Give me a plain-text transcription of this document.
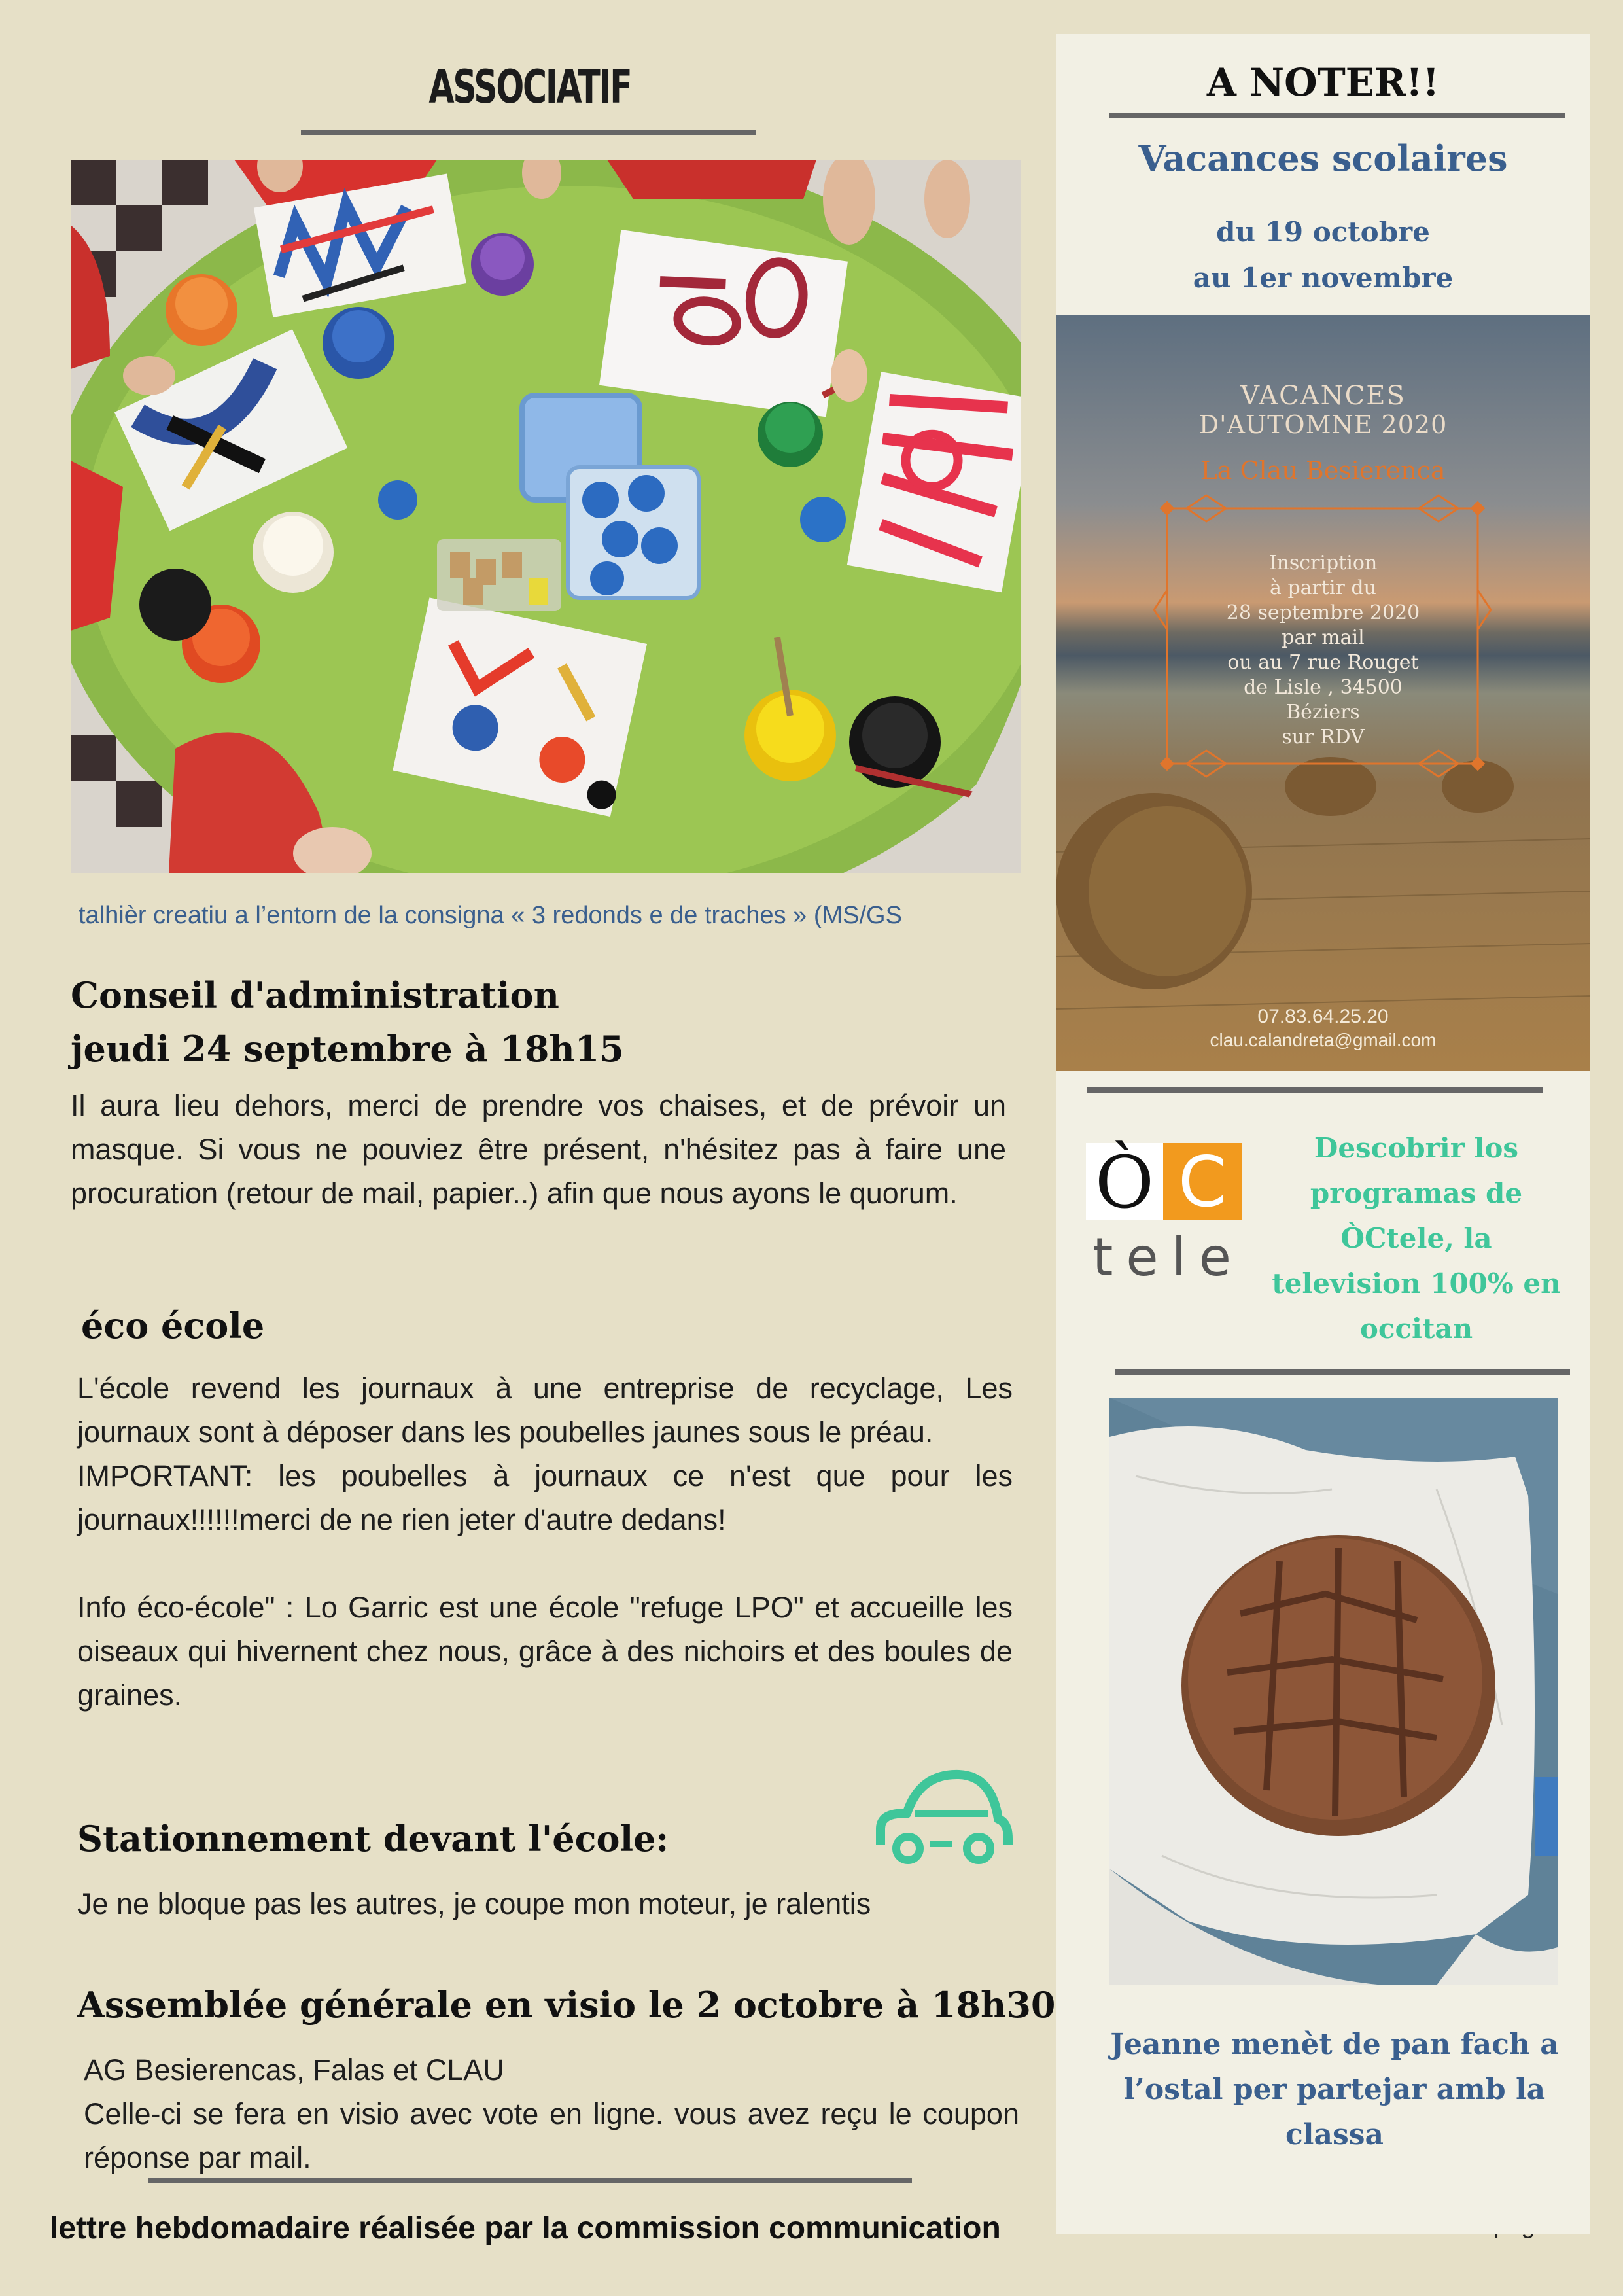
ASSOCIATIF
talhièr creatiu a l’entorn de la consigna « 3 redonds e de traches » (MS/GS
Conseil d'administration
jeudi 24 septembre à 18h15
Il aura lieu dehors, merci de prendre vos chaises, et de prévoir un masque. Si vous ne pouviez être présent, n'hésitez pas à faire une procuration (retour de mail, papier..) afin que nous ayons le quorum.
éco école

L'école revend les journaux à une entreprise de recyclage, Les journaux sont à déposer dans les poubelles jaunes sous le préau.

IMPORTANT: les poubelles à journaux ce n'est que pour les journaux!!!!!!merci de ne rien jeter d'autre dedans!

Info éco-école" : Lo Garric est une école "refuge LPO" et accueille les oiseaux qui hivernent chez nous, grâce à des nichoirs et des boules de graines.

Stationnement devant l'école:
Je ne bloque pas les autres, je coupe mon moteur, je ralentis
Assemblée générale en visio le 2 octobre à 18h30
AG Besierencas, Falas et CLAU
Celle-ci se fera en visio avec vote en ligne. vous avez reçu le coupon réponse par mail.
lettre hebdomadaire réalisée par la commission communication
A NOTER!!
Vacances scolaires
du 19 octobre
au 1er novembre
VACANCES
D'AUTOMNE 2020
La Clau Besierenca
Inscription
à partir du
28 septembre 2020
par mail
ou au 7 rue Rouget
de Lisle , 34500
Béziers
sur RDV
07.83.64.25.20
clau.calandreta@gmail.com
Ò C
tele
Descobrir los programas de ÒCtele, la television 100% en occitan
Jeanne menèt de pan fach a l’ostal per partejar amb la classa
